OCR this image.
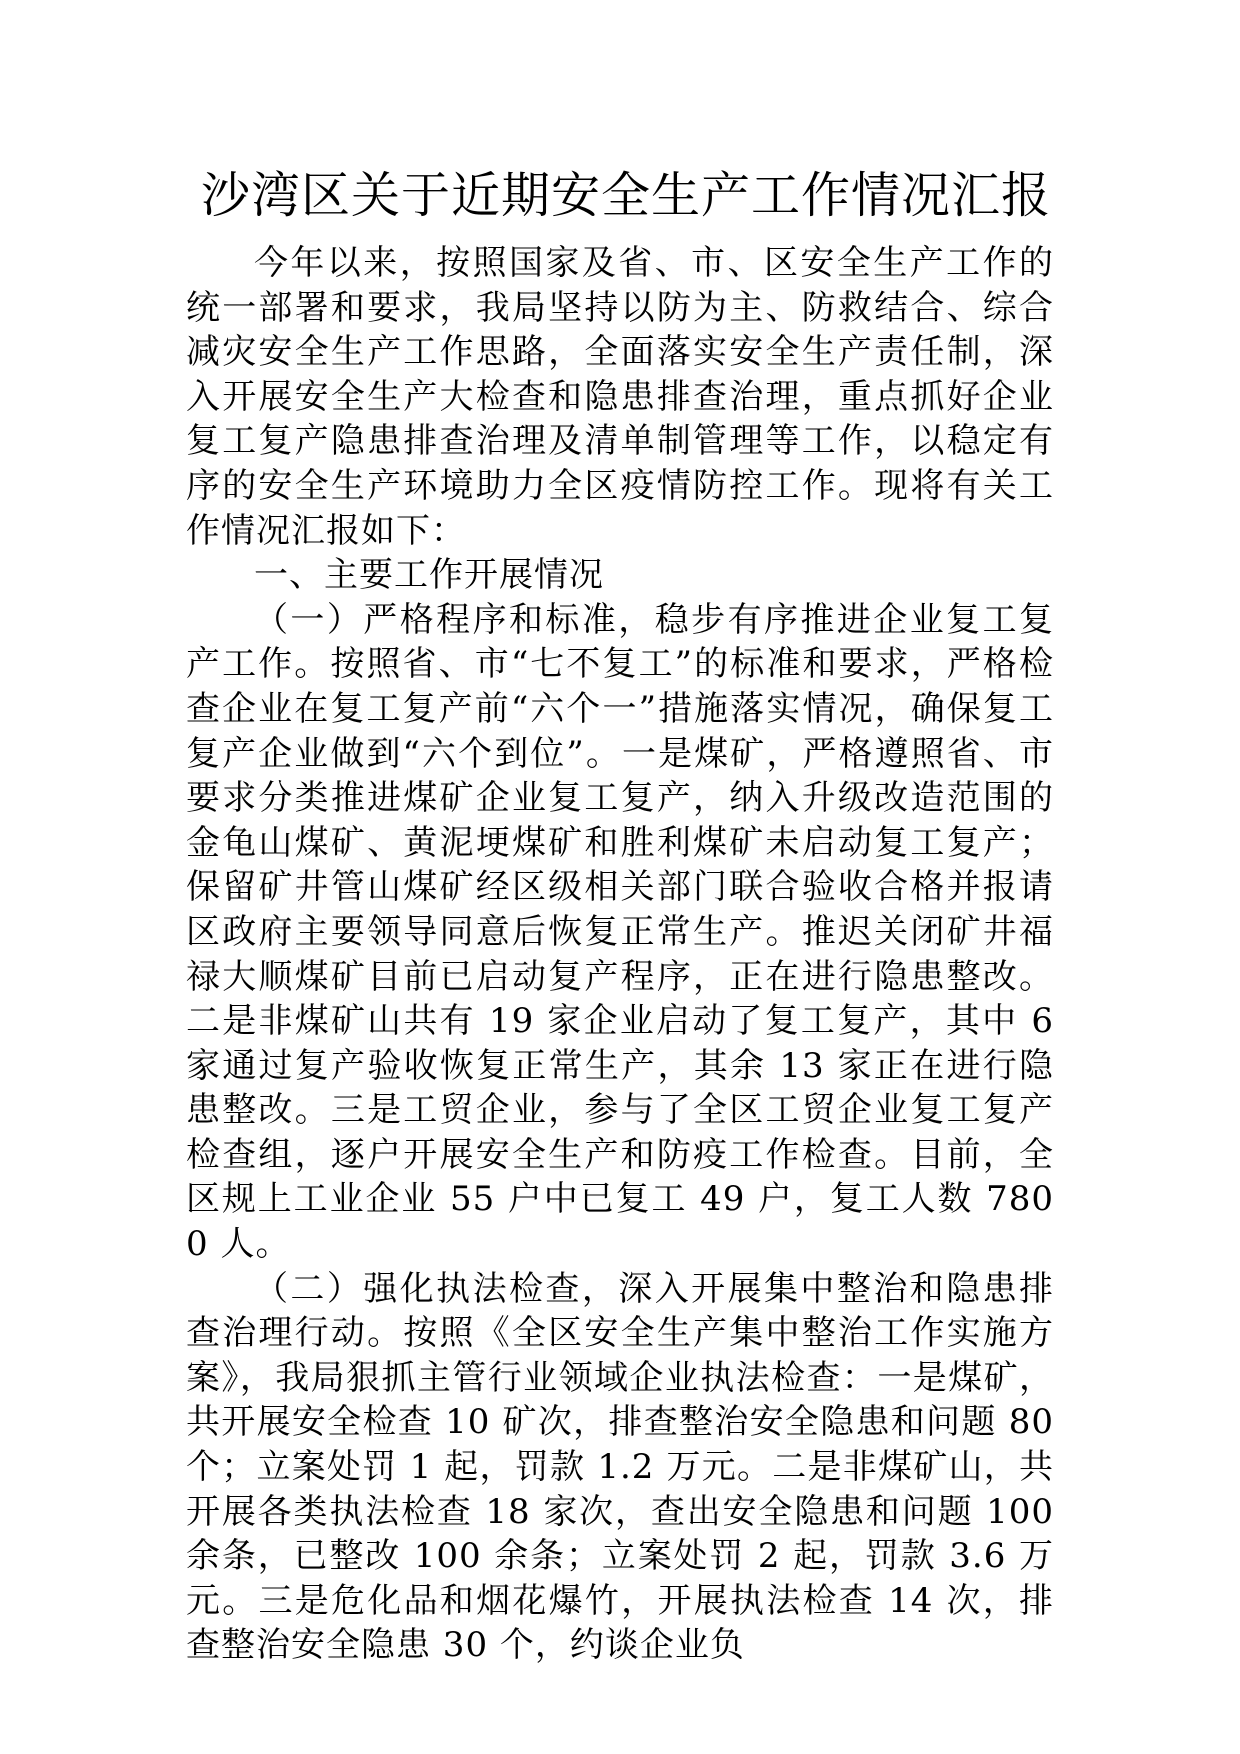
沙湾区关于近期安全生产工作情况汇报

今年以来，按照国家及省、市、区安全生产工作的统一部署和要求，我局坚持以防为主、防救结合、综合减灾安全生产工作思路，全面落实安全生产责任制，深入开展安全生产大检查和隐患排查治理，重点抓好企业复工复产隐患排查治理及清单制管理等工作，以稳定有序的安全生产环境助力全区疫情防控工作。现将有关工作情况汇报如下：

一、主要工作开展情况

（一）严格程序和标准，稳步有序推进企业复工复产工作。按照省、市“七不复工”的标准和要求，严格检查企业在复工复产前“六个一”措施落实情况，确保复工复产企业做到“六个到位”。一是煤矿，严格遵照省、市要求分类推进煤矿企业复工复产，纳入升级改造范围的金龟山煤矿、黄泥埂煤矿和胜利煤矿未启动复工复产；保留矿井管山煤矿经区级相关部门联合验收合格并报请区政府主要领导同意后恢复正常生产。推迟关闭矿井福禄大顺煤矿目前已启动复产程序，正在进行隐患整改。二是非煤矿山共有 19 家企业启动了复工复产，其中 6 家通过复产验收恢复正常生产，其余 13 家正在进行隐患整改。三是工贸企业，参与了全区工贸企业复工复产检查组，逐户开展安全生产和防疫工作检查。目前，全区规上工业企业 55 户中已复工 49 户，复工人数 7800 人。

（二）强化执法检查，深入开展集中整治和隐患排查治理行动。按照《全区安全生产集中整治工作实施方案》，我局狠抓主管行业领域企业执法检查：一是煤矿，共开展安全检查 10 矿次，排查整治安全隐患和问题 80 个；立案处罚 1 起，罚款 1.2 万元。二是非煤矿山，共开展各类执法检查 18 家次，查出安全隐患和问题 100 余条，已整改 100 余条；立案处罚 2 起，罚款 3.6 万元。三是危化品和烟花爆竹，开展执法检查 14 次，排查整治安全隐患 30 个，约谈企业负
